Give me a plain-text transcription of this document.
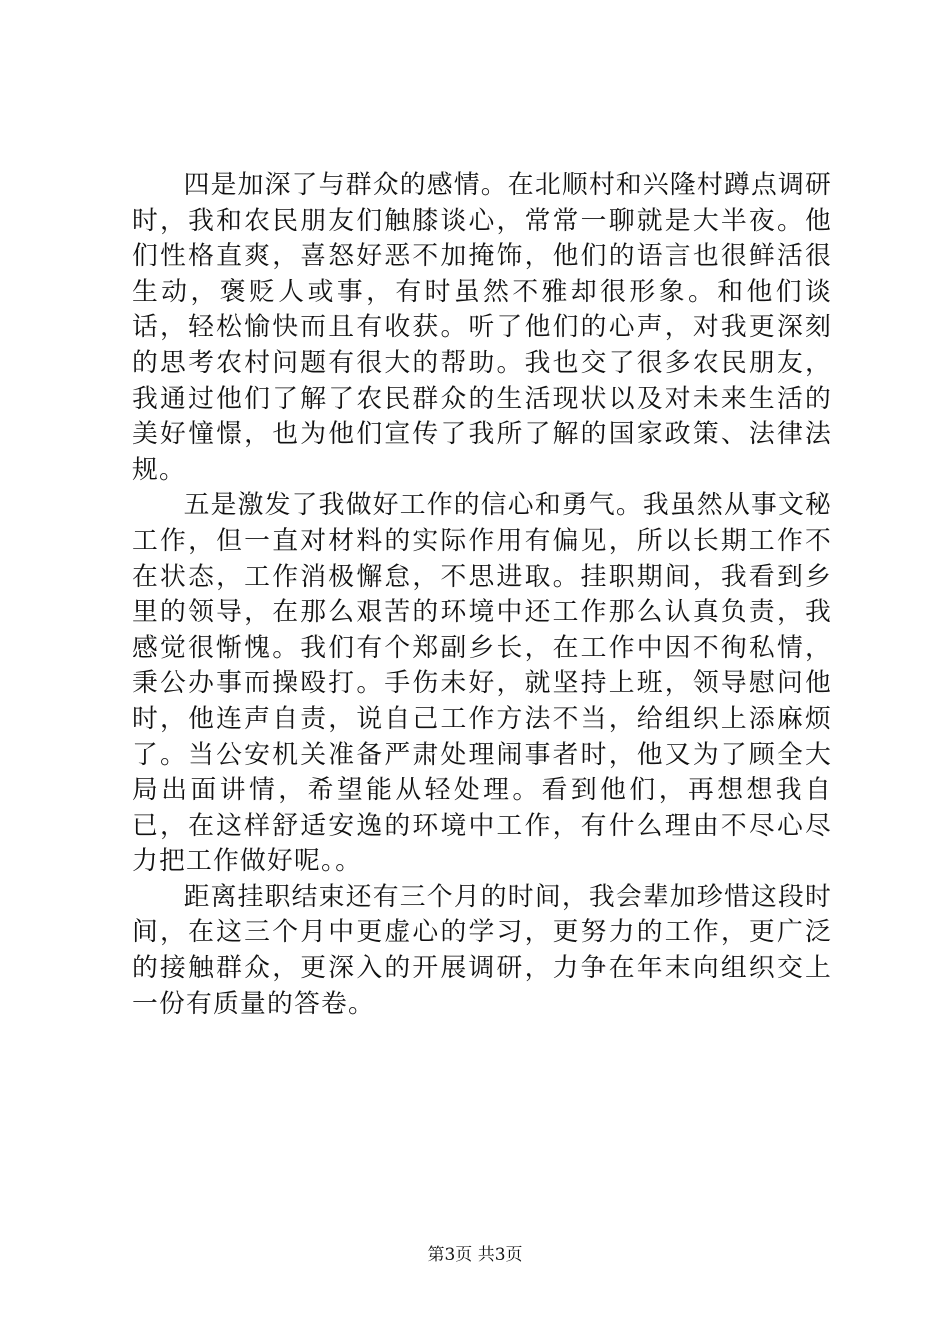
四是加深了与群众的感情。在北顺村和兴隆村蹲点调研时，我和农民朋友们触膝谈心，常常一聊就是大半夜。他们性格直爽，喜怒好恶不加掩饰，他们的语言也很鲜活很生动，褒贬人或事，有时虽然不雅却很形象。和他们谈话，轻松愉快而且有收获。听了他们的心声，对我更深刻的思考农村问题有很大的帮助。我也交了很多农民朋友，我通过他们了解了农民群众的生活现状以及对未来生活的美好憧憬，也为他们宣传了我所了解的国家政策、法律法规。

五是激发了我做好工作的信心和勇气。我虽然从事文秘工作，但一直对材料的实际作用有偏见，所以长期工作不在状态，工作消极懈怠，不思进取。挂职期间，我看到乡里的领导，在那么艰苦的环境中还工作那么认真负责，我感觉很惭愧。我们有个郑副乡长，在工作中因不徇私情，秉公办事而操殴打。手伤未好，就坚持上班，领导慰问他时，他连声自责，说自己工作方法不当，给组织上添麻烦了。当公安机关准备严肃处理闹事者时，他又为了顾全大局出面讲情，希望能从轻处理。看到他们，再想想我自已，在这样舒适安逸的环境中工作，有什么理由不尽心尽力把工作做好呢。。

距离挂职结束还有三个月的时间，我会辈加珍惜这段时间，在这三个月中更虚心的学习，更努力的工作，更广泛的接触群众，更深入的开展调研，力争在年末向组织交上一份有质量的答卷。

第3页 共3页
